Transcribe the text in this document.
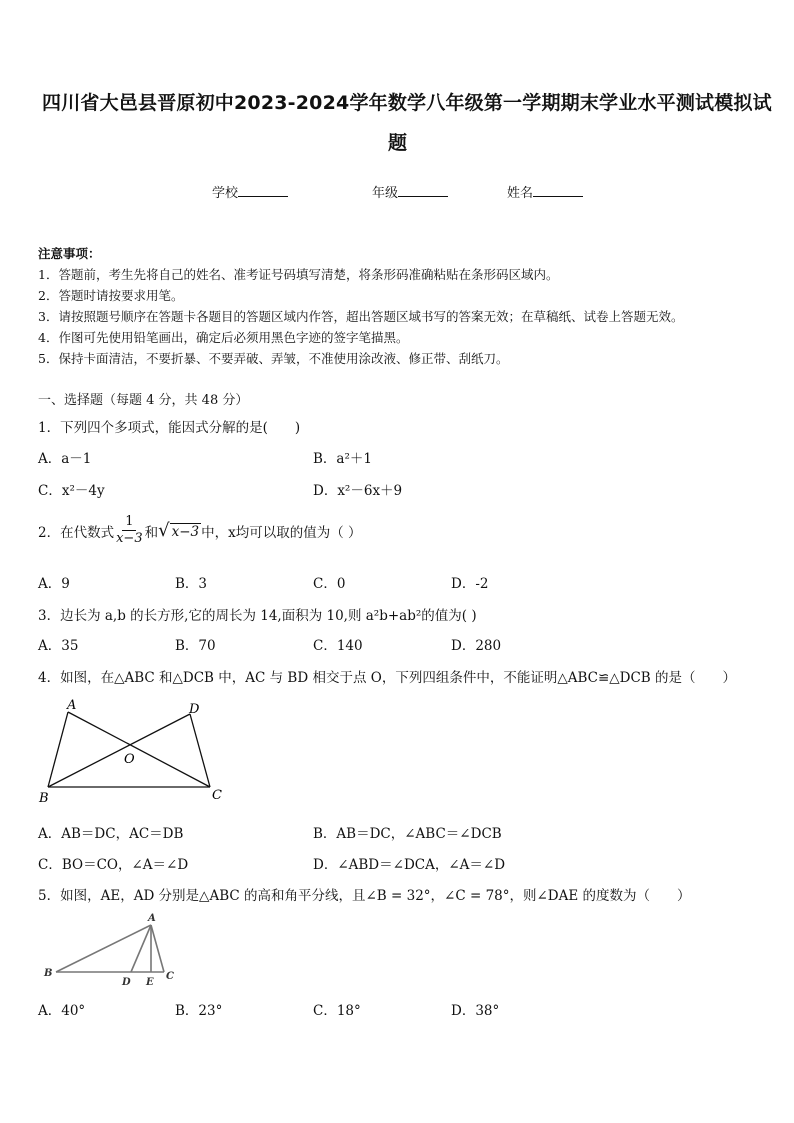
四川省大邑县晋原初中2023-2024学年数学八年级第一学期期末学业水平测试模拟试
题
学校	年级	姓名
注意事项：
1．答题前，考生先将自己的姓名、准考证号码填写清楚，将条形码准确粘贴在条形码区域内。
2．答题时请按要求用笔。
3．请按照题号顺序在答题卡各题目的答题区域内作答，超出答题区域书写的答案无效；在草稿纸、试卷上答题无效。
4．作图可先使用铅笔画出，确定后必须用黑色字迹的签字笔描黑。
5．保持卡面清洁，不要折暴、不要弄破、弄皱，不准使用涂改液、修正带、刮纸刀。
一、选择题（每题 4 分，共 48 分）
1．下列四个多项式，能因式分解的是(　　)
A．a－1	B．a²＋1
C．x²－4y	D．x²－6x＋9
2．在代数式 $\frac{1}{x-3}$ 和 √ x−3 中，x均可以取的值为（ ）
A．9	B．3	C．0	D．-2
3．边长为 a,b 的长方形,它的周长为 14,面积为 10,则 a²b+ab²的值为( )
A．35	B．70	C．140	D．280
4．如图，在△ABC 和△DCB 中，AC 与 BD 相交于点 O，下列四组条件中，不能证明△ABC≌△DCB 的是（　　）
A	D
O
B	C
A．AB＝DC，AC＝DB	B．AB＝DC，∠ABC＝∠DCB
C．BO＝CO，∠A＝∠D	D．∠ABD＝∠DCA，∠A＝∠D
5．如图，AE，AD 分别是△ABC 的高和角平分线，且∠B = 32°，∠C = 78°，则∠DAE 的度数为（　　）
A
B
D E
C
A．40°	B．23°	C．18°	D．38°
